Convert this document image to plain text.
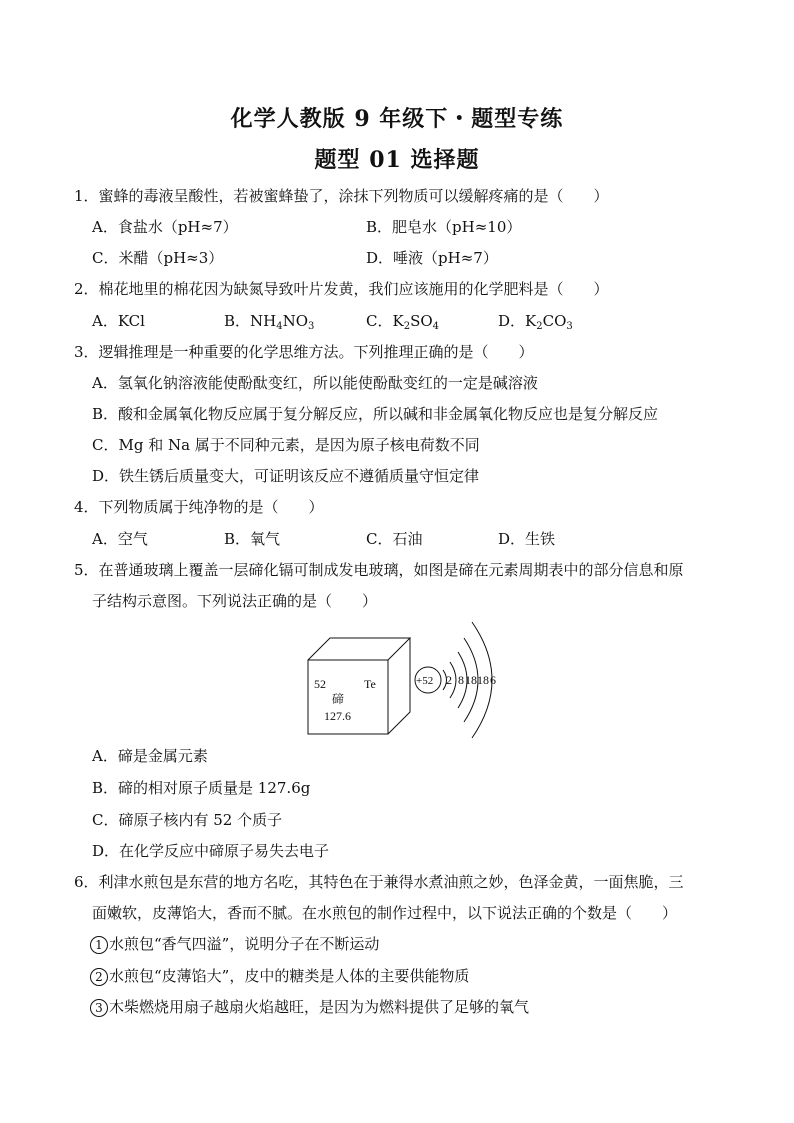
化学人教版 9 年级下・题型专练
题型 01 选择题
1．蜜蜂的毒液呈酸性，若被蜜蜂蛰了，涂抹下列物质可以缓解疼痛的是（　　）
A．食盐水（pH≈7）	B．肥皂水（pH≈10）
C．米醋（pH≈3）	D．唾液（pH≈7）
2．棉花地里的棉花因为缺氮导致叶片发黄，我们应该施用的化学肥料是（　　）
A．KCl	B．$NH_4NO_3$	C．$K_2SO_4$	D．$K_2CO_3$
3．逻辑推理是一种重要的化学思维方法。下列推理正确的是（　　）
A．氢氧化钠溶液能使酚酞变红，所以能使酚酞变红的一定是碱溶液
B．酸和金属氧化物反应属于复分解反应，所以碱和非金属氧化物反应也是复分解反应
C．Mg 和 Na 属于不同种元素，是因为原子核电荷数不同
D．铁生锈后质量变大，可证明该反应不遵循质量守恒定律
4．下列物质属于纯净物的是（　　）
A．空气	B．氧气	C．石油	D．生铁
5．在普通玻璃上覆盖一层碲化镉可制成发电玻璃，如图是碲在元素周期表中的部分信息和原
子结构示意图。下列说法正确的是（　　）
52	Te
碲
127.6
+52 2 8 18 18 6
A．碲是金属元素
B．碲的相对原子质量是 127.6g
C．碲原子核内有 52 个质子
D．在化学反应中碲原子易失去电子
6．利津水煎包是东营的地方名吃，其特色在于兼得水煮油煎之妙，色泽金黄，一面焦脆，三
面嫩软，皮薄馅大，香而不腻。在水煎包的制作过程中，以下说法正确的个数是（　　）
1 水煎包“香气四溢”，说明分子在不断运动
2 水煎包“皮薄馅大”，皮中的糖类是人体的主要供能物质
3 木柴燃烧用扇子越扇火焰越旺，是因为为燃料提供了足够的氧气
